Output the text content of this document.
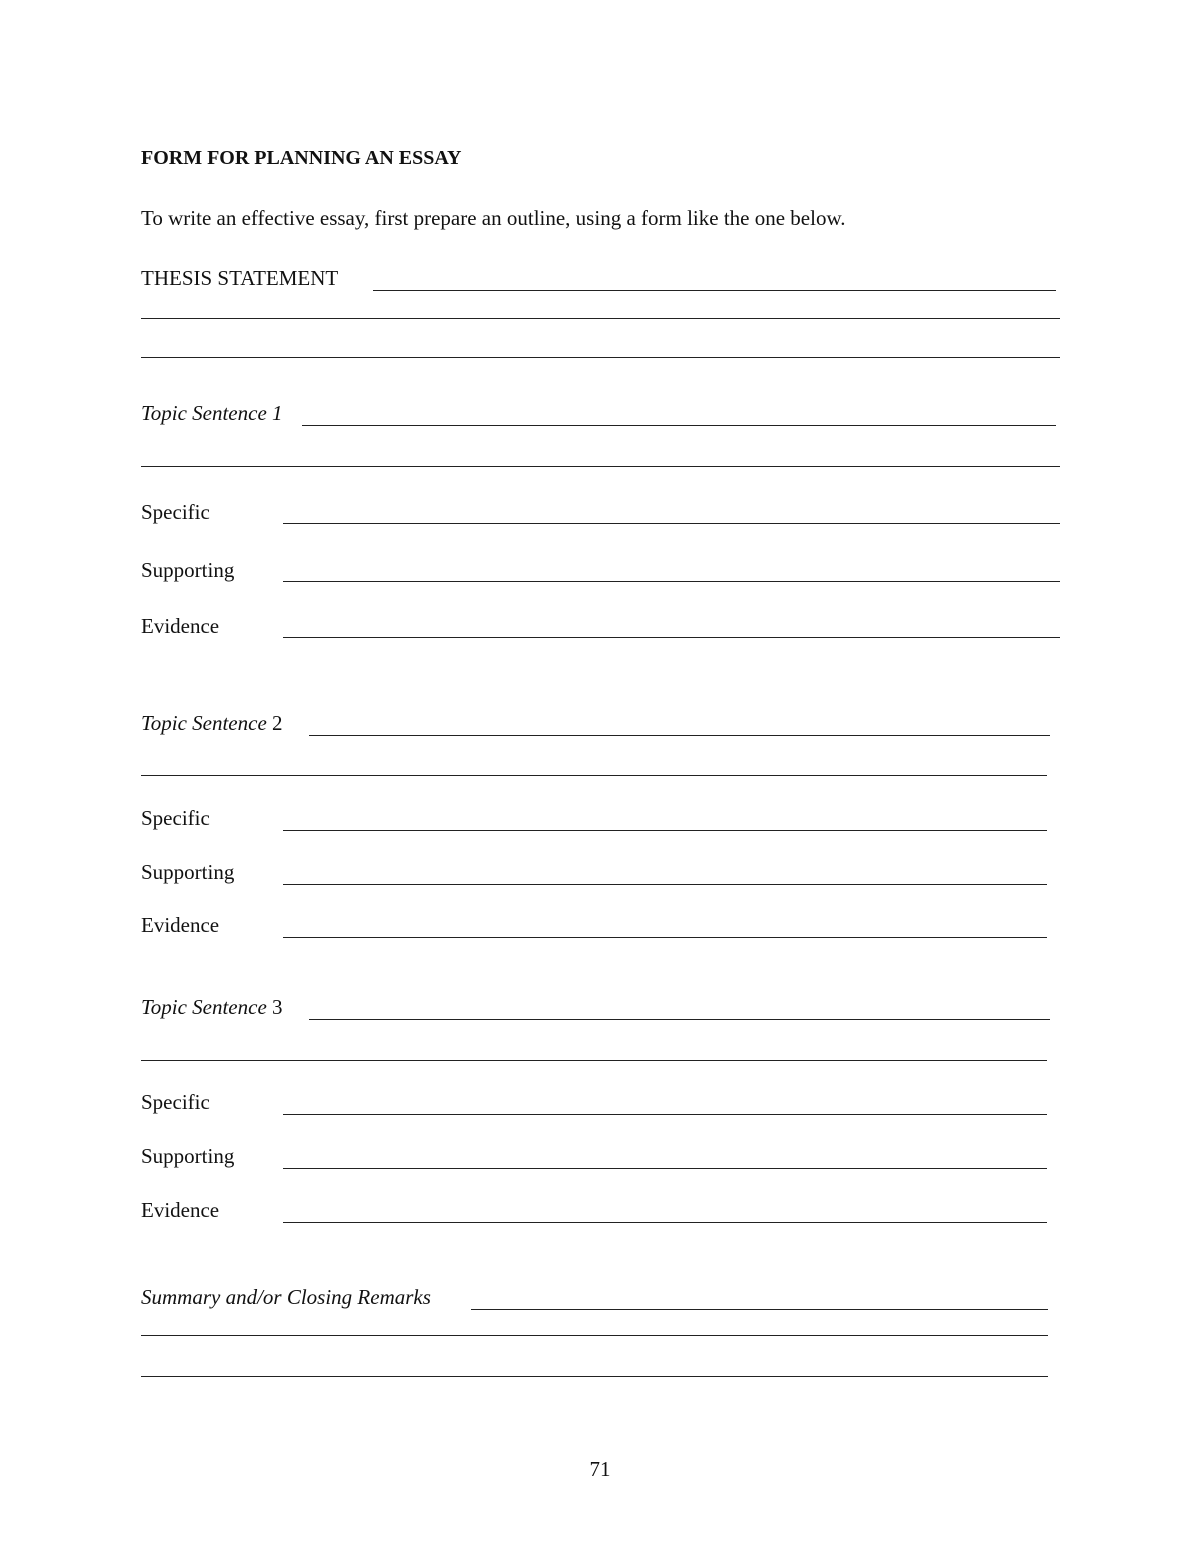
FORM FOR PLANNING AN ESSAY
To write an effective essay, first prepare an outline, using a form like the one below.
THESIS STATEMENT
Topic Sentence 1
Specific
Supporting
Evidence
Topic Sentence 2
Specific
Supporting
Evidence
Topic Sentence 3
Specific
Supporting
Evidence
Summary and/or Closing Remarks
71
